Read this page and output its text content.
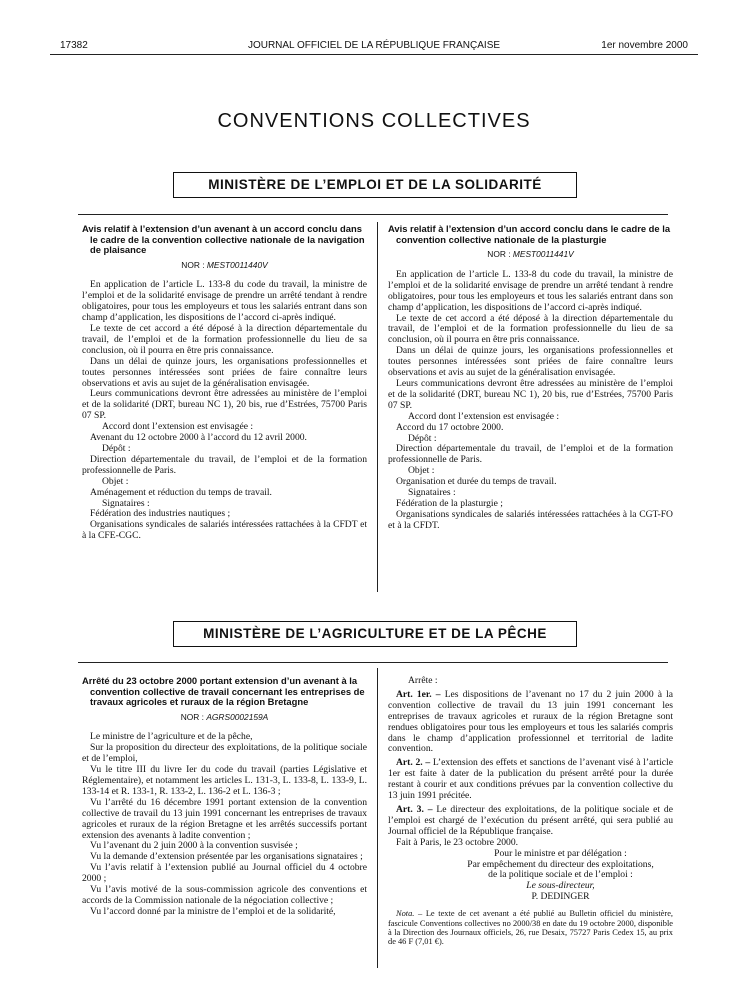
17382	JOURNAL OFFICIEL DE LA RÉPUBLIQUE FRANÇAISE	1er novembre 2000
CONVENTIONS COLLECTIVES
MINISTÈRE DE L’EMPLOI ET DE LA SOLIDARITÉ
Avis relatif à l’extension d’un avenant à un accord conclu dans le cadre de la convention collective nationale de la navigation de plaisance
NOR : MEST0011440V

En application de l’article L. 133-8 du code du travail, la ministre de l’emploi et de la solidarité envisage de prendre un arrêté tendant à rendre obligatoires, pour tous les employeurs et tous les salariés entrant dans son champ d’application, les dispositions de l’accord ci-après indiqué.

Le texte de cet accord a été déposé à la direction départementale du travail, de l’emploi et de la formation professionnelle du lieu de sa conclusion, où il pourra en être pris connaissance.

Dans un délai de quinze jours, les organisations professionnelles et toutes personnes intéressées sont priées de faire connaître leurs observations et avis au sujet de la généralisation envisagée.

Leurs communications devront être adressées au ministère de l’emploi et de la solidarité (DRT, bureau NC 1), 20 bis, rue d’Estrées, 75700 Paris 07 SP.

Accord dont l’extension est envisagée :

Avenant du 12 octobre 2000 à l’accord du 12 avril 2000.

Dépôt :

Direction départementale du travail, de l’emploi et de la formation professionnelle de Paris.

Objet :

Aménagement et réduction du temps de travail.

Signataires :

Fédération des industries nautiques ;

Organisations syndicales de salariés intéressées rattachées à la CFDT et à la CFE-CGC.

Avis relatif à l’extension d’un accord conclu dans le cadre de la convention collective nationale de la plasturgie
NOR : MEST0011441V

En application de l’article L. 133-8 du code du travail, la ministre de l’emploi et de la solidarité envisage de prendre un arrêté tendant à rendre obligatoires, pour tous les employeurs et tous les salariés entrant dans son champ d’application, les dispositions de l’accord ci-après indiqué.

Le texte de cet accord a été déposé à la direction départementale du travail, de l’emploi et de la formation professionnelle du lieu de sa conclusion, où il pourra en être pris connaissance.

Dans un délai de quinze jours, les organisations professionnelles et toutes personnes intéressées sont priées de faire connaître leurs observations et avis au sujet de la généralisation envisagée.

Leurs communications devront être adressées au ministère de l’emploi et de la solidarité (DRT, bureau NC 1), 20 bis, rue d’Estrées, 75700 Paris 07 SP.

Accord dont l’extension est envisagée :

Accord du 17 octobre 2000.

Dépôt :

Direction départementale du travail, de l’emploi et de la formation professionnelle de Paris.

Objet :

Organisation et durée du temps de travail.

Signataires :

Fédération de la plasturgie ;

Organisations syndicales de salariés intéressées rattachées à la CGT-FO et à la CFDT.

MINISTÈRE DE L’AGRICULTURE ET DE LA PÊCHE
Arrêté du 23 octobre 2000 portant extension d’un avenant à la convention collective de travail concernant les entreprises de travaux agricoles et ruraux de la région Bretagne
NOR : AGRS0002159A

Le ministre de l’agriculture et de la pêche,

Sur la proposition du directeur des exploitations, de la politique sociale et de l’emploi,

Vu le titre III du livre Ier du code du travail (parties Législative et Réglementaire), et notamment les articles L. 131-3, L. 133-8, L. 133-9, L. 133-14 et R. 133-1, R. 133-2, L. 136-2 et L. 136-3 ;

Vu l’arrêté du 16 décembre 1991 portant extension de la convention collective de travail du 13 juin 1991 concernant les entreprises de travaux agricoles et ruraux de la région Bretagne et les arrêtés successifs portant extension des avenants à ladite convention ;

Vu l’avenant du 2 juin 2000 à la convention susvisée ;

Vu la demande d’extension présentée par les organisations signataires ;

Vu l’avis relatif à l’extension publié au Journal officiel du 4 octobre 2000 ;

Vu l’avis motivé de la sous-commission agricole des conventions et accords de la Commission nationale de la négociation collective ;

Vu l’accord donné par la ministre de l’emploi et de la solidarité,

Arrête :

Art. 1er. – Les dispositions de l’avenant no 17 du 2 juin 2000 à la convention collective de travail du 13 juin 1991 concernant les entreprises de travaux agricoles et ruraux de la région Bretagne sont rendues obligatoires pour tous les employeurs et tous les salariés compris dans le champ d’application professionnel et territorial de ladite convention.

Art. 2. – L’extension des effets et sanctions de l’avenant visé à l’article 1er est faite à dater de la publication du présent arrêté pour la durée restant à courir et aux conditions prévues par la convention collective du 13 juin 1991 précitée.

Art. 3. – Le directeur des exploitations, de la politique sociale et de l’emploi est chargé de l’exécution du présent arrêté, qui sera publié au Journal officiel de la République française.

Fait à Paris, le 23 octobre 2000.

Pour le ministre et par délégation :

Par empêchement du directeur des exploitations,

de la politique sociale et de l’emploi :

Le sous-directeur,

P. DEDINGER

Nota. – Le texte de cet avenant a été publié au Bulletin officiel du ministère, fascicule Conventions collectives no 2000/38 en date du 19 octobre 2000, disponible à la Direction des Journaux officiels, 26, rue Desaix, 75727 Paris Cedex 15, au prix de 46 F (7,01 €).
